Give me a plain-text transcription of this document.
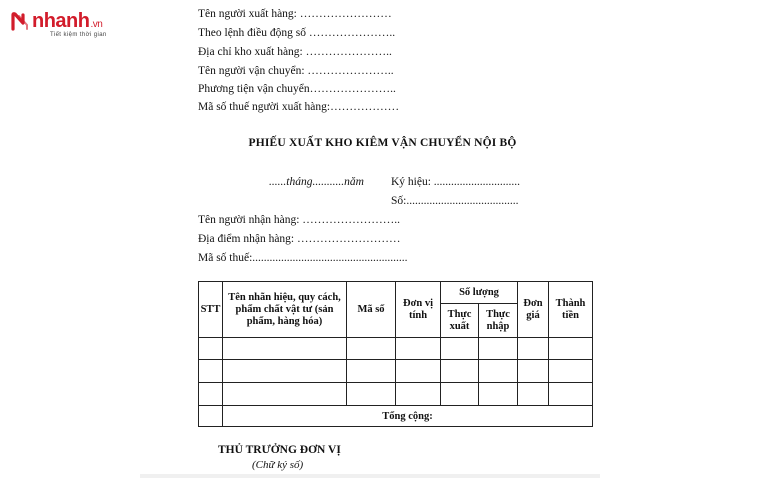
nhanh.vn
Tiết kiệm thời gian
Tên người xuất hàng: ……………………
Theo lệnh điều động số …………………..
Địa chỉ kho xuất hàng: …………………..
Tên người vận chuyển: …………………..
Phương tiện vận chuyển…………………..
Mã số thuế người xuất hàng:………………
PHIẾU XUẤT KHO KIÊM VẬN CHUYỂN NỘI BỘ
......tháng...........năm Ký hiệu: ..............................
Số:.......................................
Tên người nhận hàng: ……………………..
Địa điểm nhận hàng: ………………………
Mã số thuế:......................................................
STT	Tên nhãn hiệu, quy cách, phẩm chất vật tư (sản phẩm, hàng hóa)	Mã số	Đơn vị tính	Số lượng		Đơn giá	Thành tiền
				Thực xuất	Thực nhập		

	Tổng cộng:						
THỦ TRƯỞNG ĐƠN VỊ
(Chữ ký số)
